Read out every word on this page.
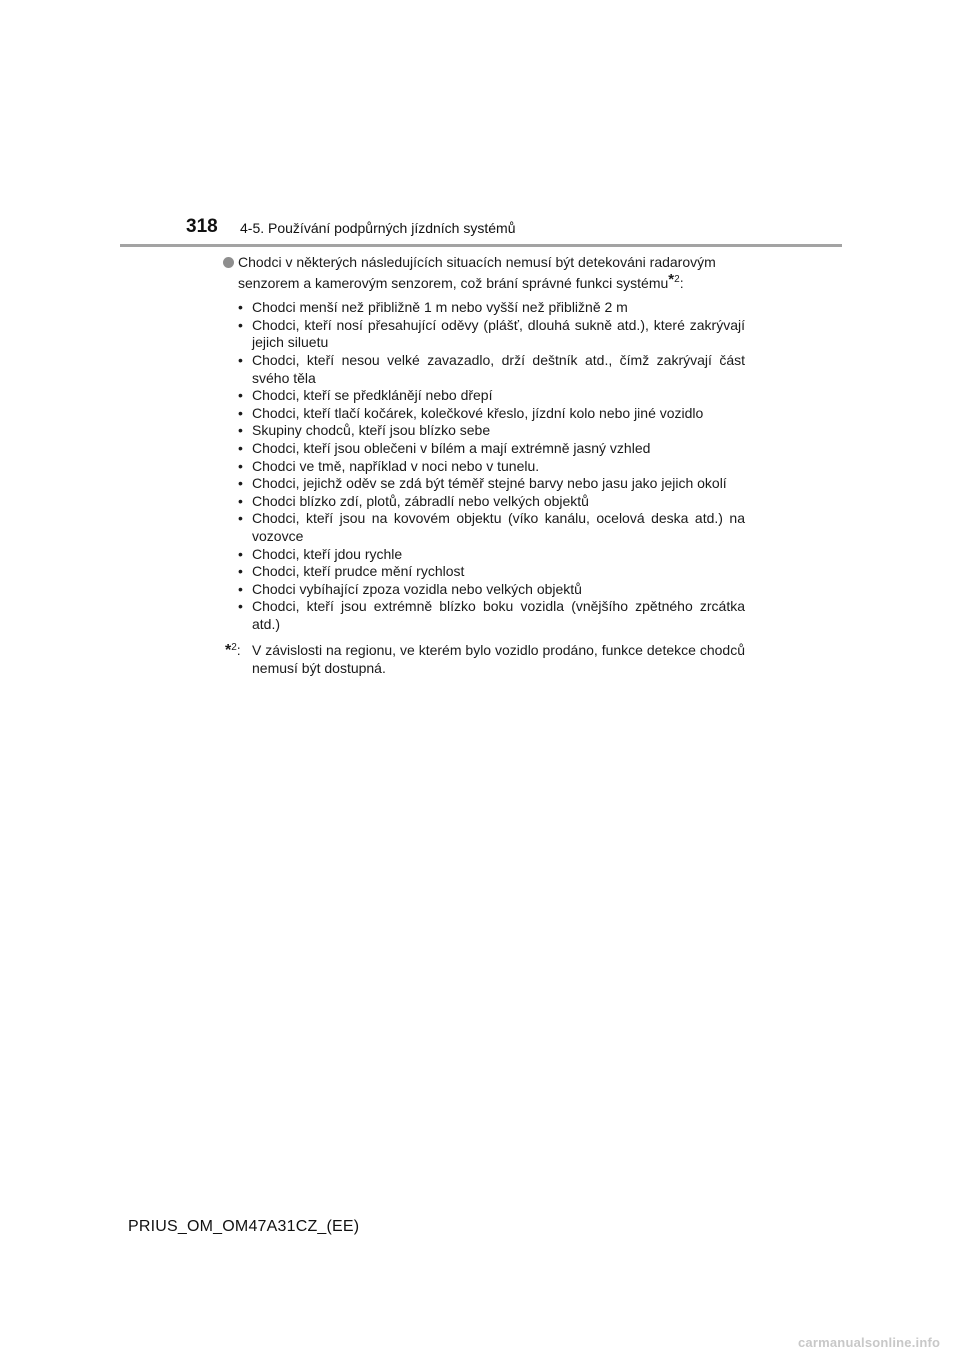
318 4-5. Používání podpůrných jízdních systémů
Chodci v některých následujících situacích nemusí být detekováni radarovým
senzorem a kamerovým senzorem, což brání správné funkci systému$^{*2}$:
• Chodci menší než přibližně 1 m nebo vyšší než přibližně 2 m
• Chodci, kteří nosí přesahující oděvy (plášť, dlouhá sukně atd.), které zakrývají jejich siluetu
• Chodci, kteří nesou velké zavazadlo, drží deštník atd., čímž zakrývají část svého těla
• Chodci, kteří se předklánějí nebo dřepí
• Chodci, kteří tlačí kočárek, kolečkové křeslo, jízdní kolo nebo jiné vozidlo
• Skupiny chodců, kteří jsou blízko sebe
• Chodci, kteří jsou oblečeni v bílém a mají extrémně jasný vzhled
• Chodci ve tmě, například v noci nebo v tunelu.
• Chodci, jejichž oděv se zdá být téměř stejné barvy nebo jasu jako jejich okolí
• Chodci blízko zdí, plotů, zábradlí nebo velkých objektů
• Chodci, kteří jsou na kovovém objektu (víko kanálu, ocelová deska atd.) na vozovce
• Chodci, kteří jdou rychle
• Chodci, kteří prudce mění rychlost
• Chodci vybíhající zpoza vozidla nebo velkých objektů
• Chodci, kteří jsou extrémně blízko boku vozidla (vnějšího zpětného zrcátka atd.)
*$^2$: V závislosti na regionu, ve kterém bylo vozidlo prodáno, funkce detekce chodců nemusí být dostupná.
PRIUS_OM_OM47A31CZ_(EE)
carmanualsonline.info
